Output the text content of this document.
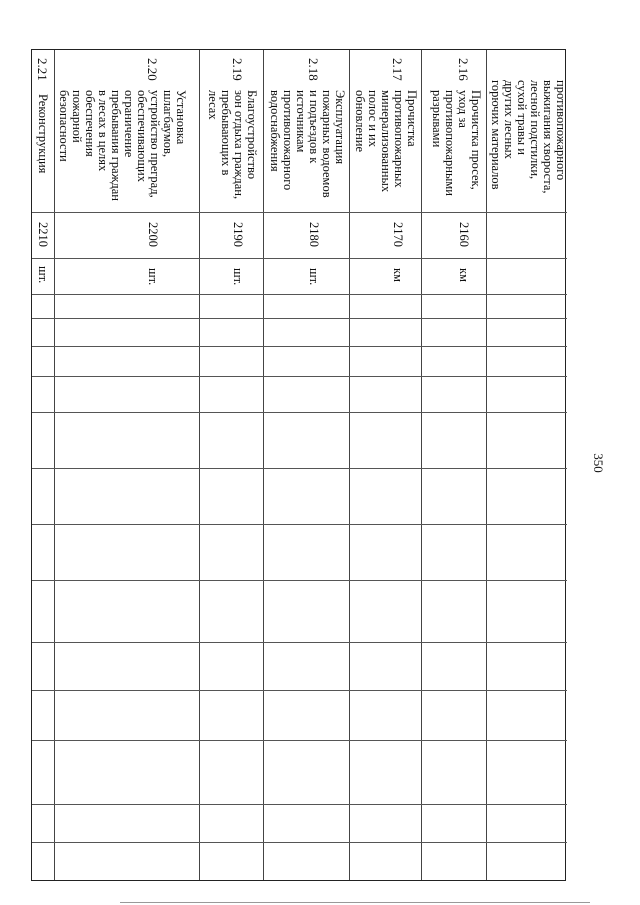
350
2.21
Реконструкция
2210
шт.
2.20
Установка
шлагбаумов,
устройство преград,
обеспечивающих
ограничение
пребывания граждан
в лесах в целях
обеспечения
пожарной
безопасности
2200
шт.
2.19
Благоустройство
зон отдыха граждан,
пребывающих в
лесах
2190
шт.
2.18
Эксплуатация
пожарных водоемов
и подъездов к
источникам
противопожарного
водоснабжения
2180
шт.
2.17
Прочистка
противопожарных
минерализованных
полос и их
обновление
2170
км
2.16
Прочистка просек,
уход за
противопожарными
разрывами
2160
км
противопожарного
выжигания хвороста,
лесной подстилки,
сухой травы и
других лесных
горючих материалов
